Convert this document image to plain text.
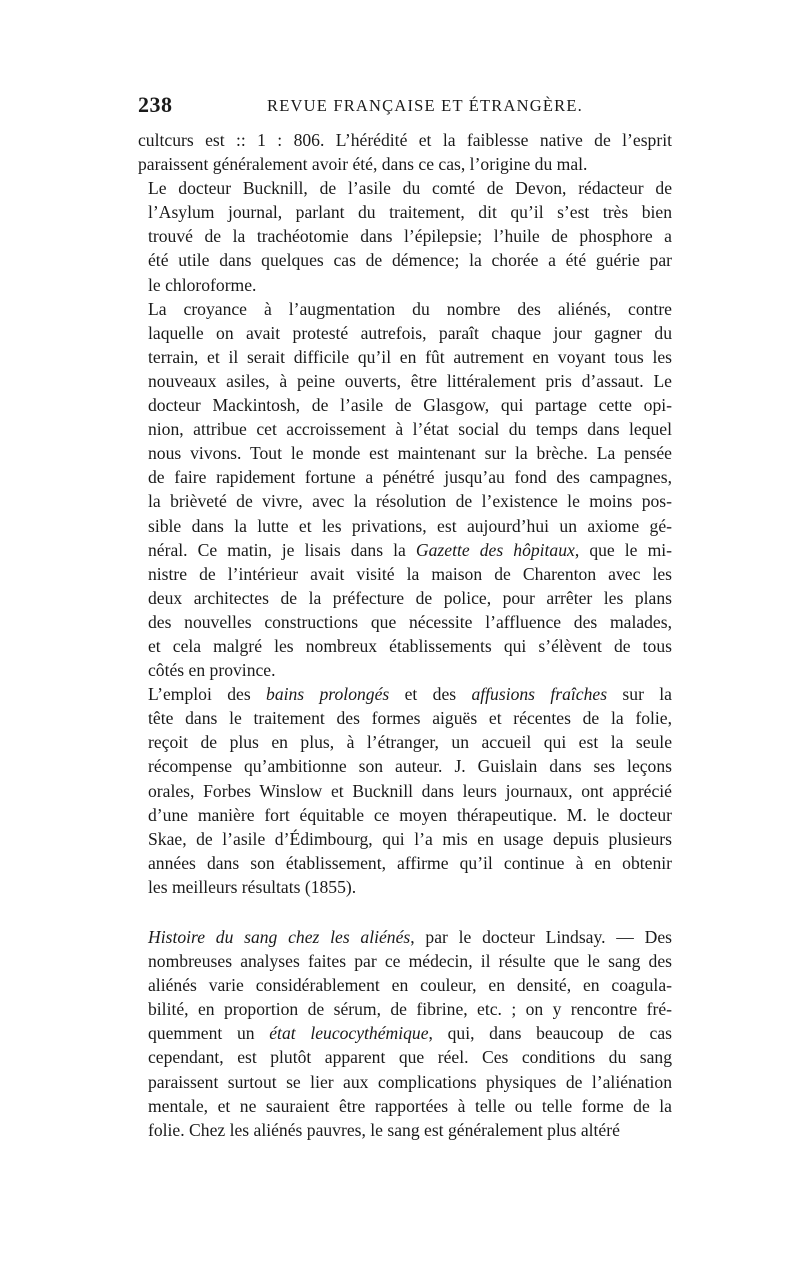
238	REVUE FRANÇAISE ET ÉTRANGÈRE.

cultcurs est :: 1 : 806. L’hérédité et la faiblesse native de l’esprit
paraissent généralement avoir été, dans ce cas, l’origine du mal.

Le docteur Bucknill, de l’asile du comté de Devon, rédacteur de
l’Asylum journal, parlant du traitement, dit qu’il s’est très bien
trouvé de la trachéotomie dans l’épilepsie; l’huile de phosphore a
été utile dans quelques cas de démence; la chorée a été guérie par
le chloroforme.

La croyance à l’augmentation du nombre des aliénés, contre
laquelle on avait protesté autrefois, paraît chaque jour gagner du
terrain, et il serait difficile qu’il en fût autrement en voyant tous les
nouveaux asiles, à peine ouverts, être littéralement pris d’assaut. Le
docteur Mackintosh, de l’asile de Glasgow, qui partage cette opi-
nion, attribue cet accroissement à l’état social du temps dans lequel
nous vivons. Tout le monde est maintenant sur la brèche. La pensée
de faire rapidement fortune a pénétré jusqu’au fond des campagnes,
la brièveté de vivre, avec la résolution de l’existence le moins pos-
sible dans la lutte et les privations, est aujourd’hui un axiome gé-
néral. Ce matin, je lisais dans la Gazette des hôpitaux, que le mi-
nistre de l’intérieur avait visité la maison de Charenton avec les
deux architectes de la préfecture de police, pour arrêter les plans
des nouvelles constructions que nécessite l’affluence des malades,
et cela malgré les nombreux établissements qui s’élèvent de tous
côtés en province.

L’emploi des bains prolongés et des affusions fraîches sur la
tête dans le traitement des formes aiguës et récentes de la folie,
reçoit de plus en plus, à l’étranger, un accueil qui est la seule
récompense qu’ambitionne son auteur. J. Guislain dans ses leçons
orales, Forbes Winslow et Bucknill dans leurs journaux, ont apprécié
d’une manière fort équitable ce moyen thérapeutique. M. le docteur
Skae, de l’asile d’Édimbourg, qui l’a mis en usage depuis plusieurs
années dans son établissement, affirme qu’il continue à en obtenir
les meilleurs résultats (1855).

Histoire du sang chez les aliénés, par le docteur Lindsay. — Des
nombreuses analyses faites par ce médecin, il résulte que le sang des
aliénés varie considérablement en couleur, en densité, en coagula-
bilité, en proportion de sérum, de fibrine, etc. ; on y rencontre fré-
quemment un état leucocythémique, qui, dans beaucoup de cas
cependant, est plutôt apparent que réel. Ces conditions du sang
paraissent surtout se lier aux complications physiques de l’aliénation
mentale, et ne sauraient être rapportées à telle ou telle forme de la
folie. Chez les aliénés pauvres, le sang est généralement plus altéré
